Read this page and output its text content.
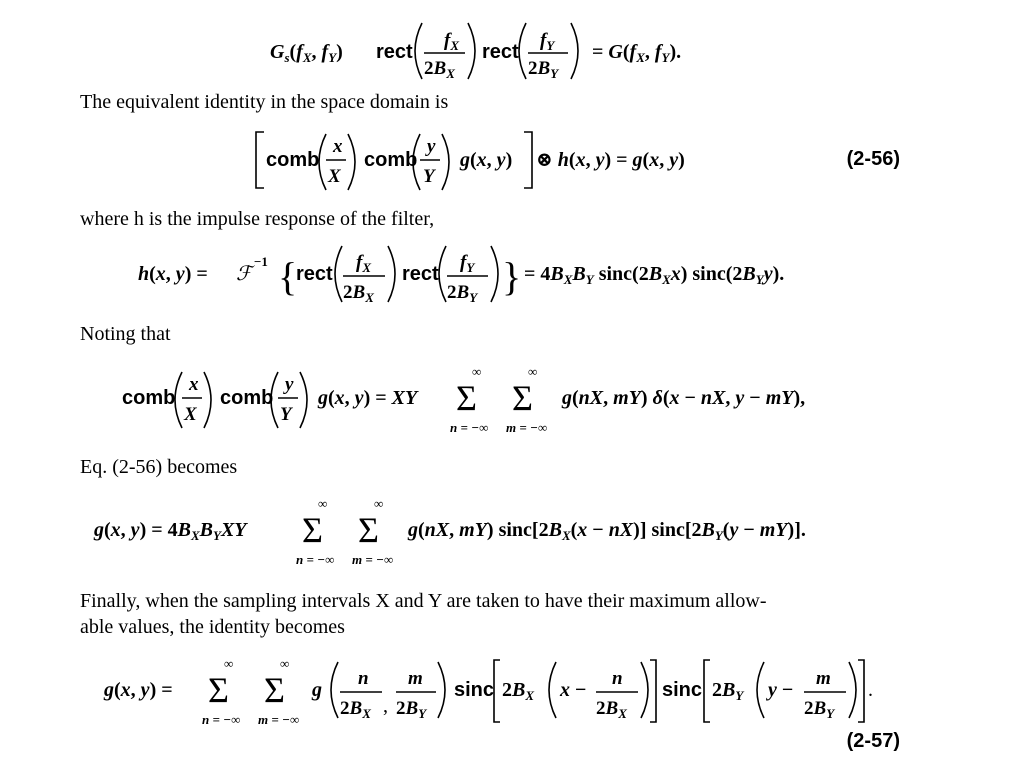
$G_s(f_X$, $f_Y$) rect
$f_X$
$2B_X$
rect
$f_Y$
$2B_Y$
= $G(f_X$, $f_Y$).
The equivalent identity in the space domain is
comb
x
X
comb
y
Y
g(x, y) ⊗ h(x, y) = g(x, y)	(2-56)
where h is the impulse response of the filter,
h(x, y) = ℱ
−1 {
rect
$f_X$
$2B_X$
rect
$f_Y$
$2B_Y$ } = $4B_XB_Y$ $\sin c(2B_Xx)$ $\sin c(2B_Yy)$.
Noting that
comb
x
X
comb
y
Y
g(x, y) = XY
∞
Σ
n = −∞
∞
Σ
m = −∞
g(nX, mY) δ(x − nX, y − mY),
Eq. (2-56) becomes
g(x, $y) = 4B_XB_YXY$
∞
Σ
n = −∞
∞
Σ
m = −∞
g(nX, mY) $\sin c[2B_X(x - nX)] \sin c[2B_Y(y - mY)]$.
Finally, when the sampling intervals X and Y are taken to have their maximum allow-
able values, the identity becomes
g(x, y) =
∞
Σ
n = −∞
∞
Σ
m = −∞
g
n
$2B_X$ ,
m
$2B_Y$
sinc $2B_X$ x −
n
$2B_X$
sinc $2B_Y$ y −
m
$2B_Y$
.
(2-57)
